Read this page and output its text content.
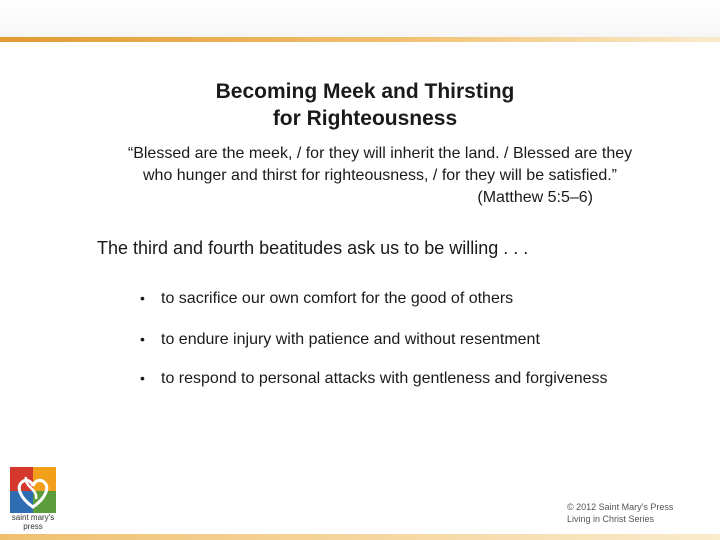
Becoming Meek and Thirsting
for Righteousness
“Blessed are the meek, / for they will inherit the land. / Blessed are they
who hunger and thirst for righteousness, / for they will be satisfied.”
(Matthew 5:5–6)
The third and fourth beatitudes ask us to be willing . . .
•	to sacrifice our own comfort for the good of others
•	to endure injury with patience and without resentment
•	to respond to personal attacks with gentleness and forgiveness
saint mary's press
© 2012 Saint Mary's Press
Living in Christ Series
